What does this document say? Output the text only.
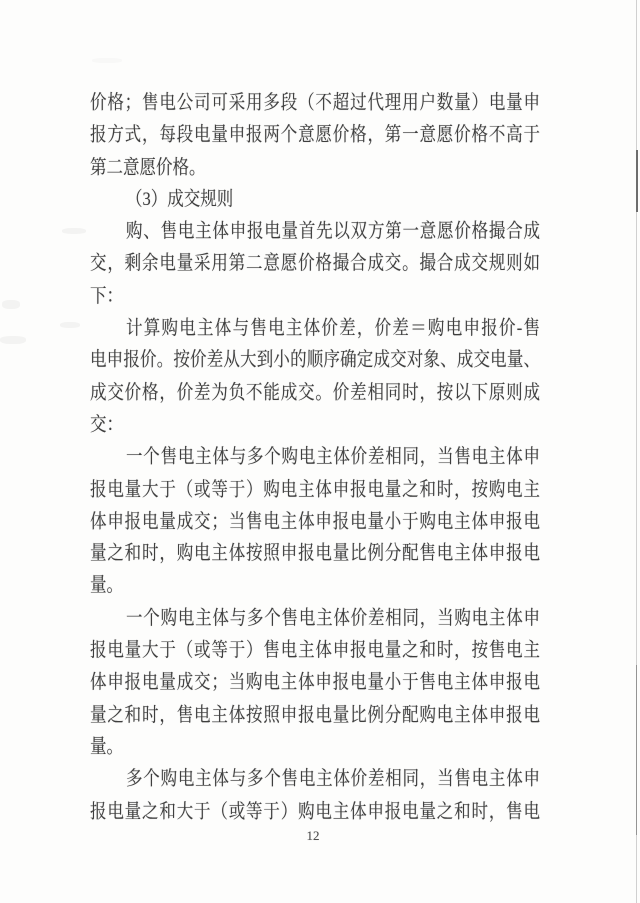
价格；售电公司可采用多段（不超过代理用户数量）电量申
报方式，每段电量申报两个意愿价格，第一意愿价格不高于
第二意愿价格。
（3）成交规则
购、售电主体申报电量首先以双方第一意愿价格撮合成
交，剩余电量采用第二意愿价格撮合成交。撮合成交规则如
下：
计算购电主体与售电主体价差，价差＝购电申报价-售
电申报价。按价差从大到小的顺序确定成交对象、成交电量、
成交价格，价差为负不能成交。价差相同时，按以下原则成
交：
一个售电主体与多个购电主体价差相同，当售电主体申
报电量大于（或等于）购电主体申报电量之和时，按购电主
体申报电量成交；当售电主体申报电量小于购电主体申报电
量之和时，购电主体按照申报电量比例分配售电主体申报电
量。
一个购电主体与多个售电主体价差相同，当购电主体申
报电量大于（或等于）售电主体申报电量之和时，按售电主
体申报电量成交；当购电主体申报电量小于售电主体申报电
量之和时，售电主体按照申报电量比例分配购电主体申报电
量。
多个购电主体与多个售电主体价差相同，当售电主体申
报电量之和大于（或等于）购电主体申报电量之和时，售电
12
